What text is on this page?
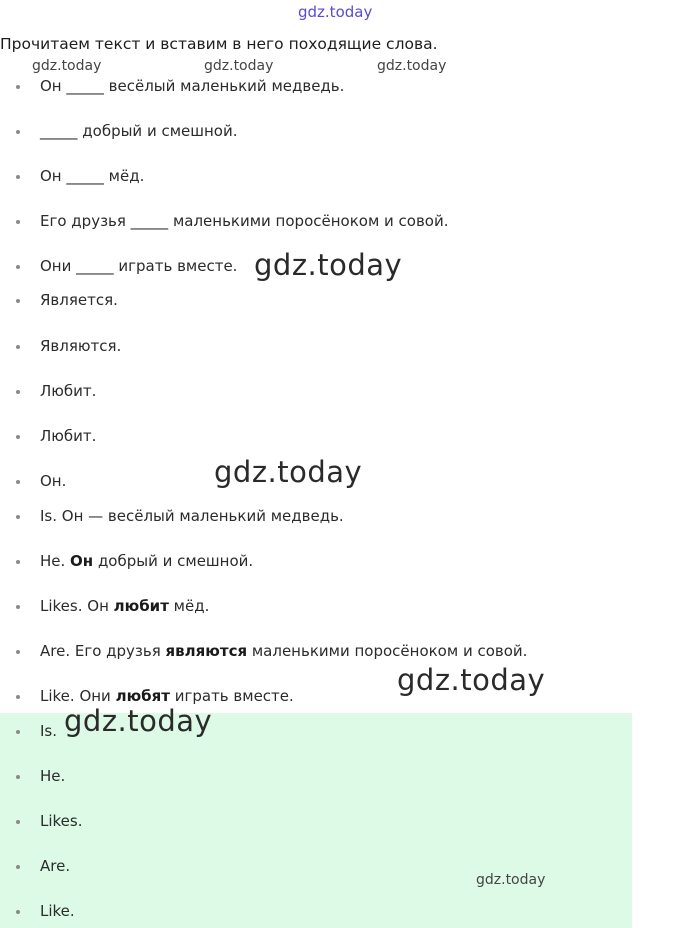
gdz.today
Прочитаем текст и вставим в него походящие слова.
gdz.today	gdz.today	gdz.today
Он _____ весёлый маленький медведь.
_____ добрый и смешной.
Он _____ мёд.
Его друзья _____ маленькими поросёноком и совой.
Они _____ играть вместе.
Является.
Являются.
Любит.
Любит.
Он.
Is. Он — весёлый маленький медведь.
He. Он добрый и смешной.
Likes. Он любит мёд.
Are. Его друзья являются маленькими поросёноком и совой.
Like. Они любят играть вместе.
Is.
He.
Likes.
Are.
Like.
gdz.today
gdz.today
gdz.today
gdz.today
gdz.today
